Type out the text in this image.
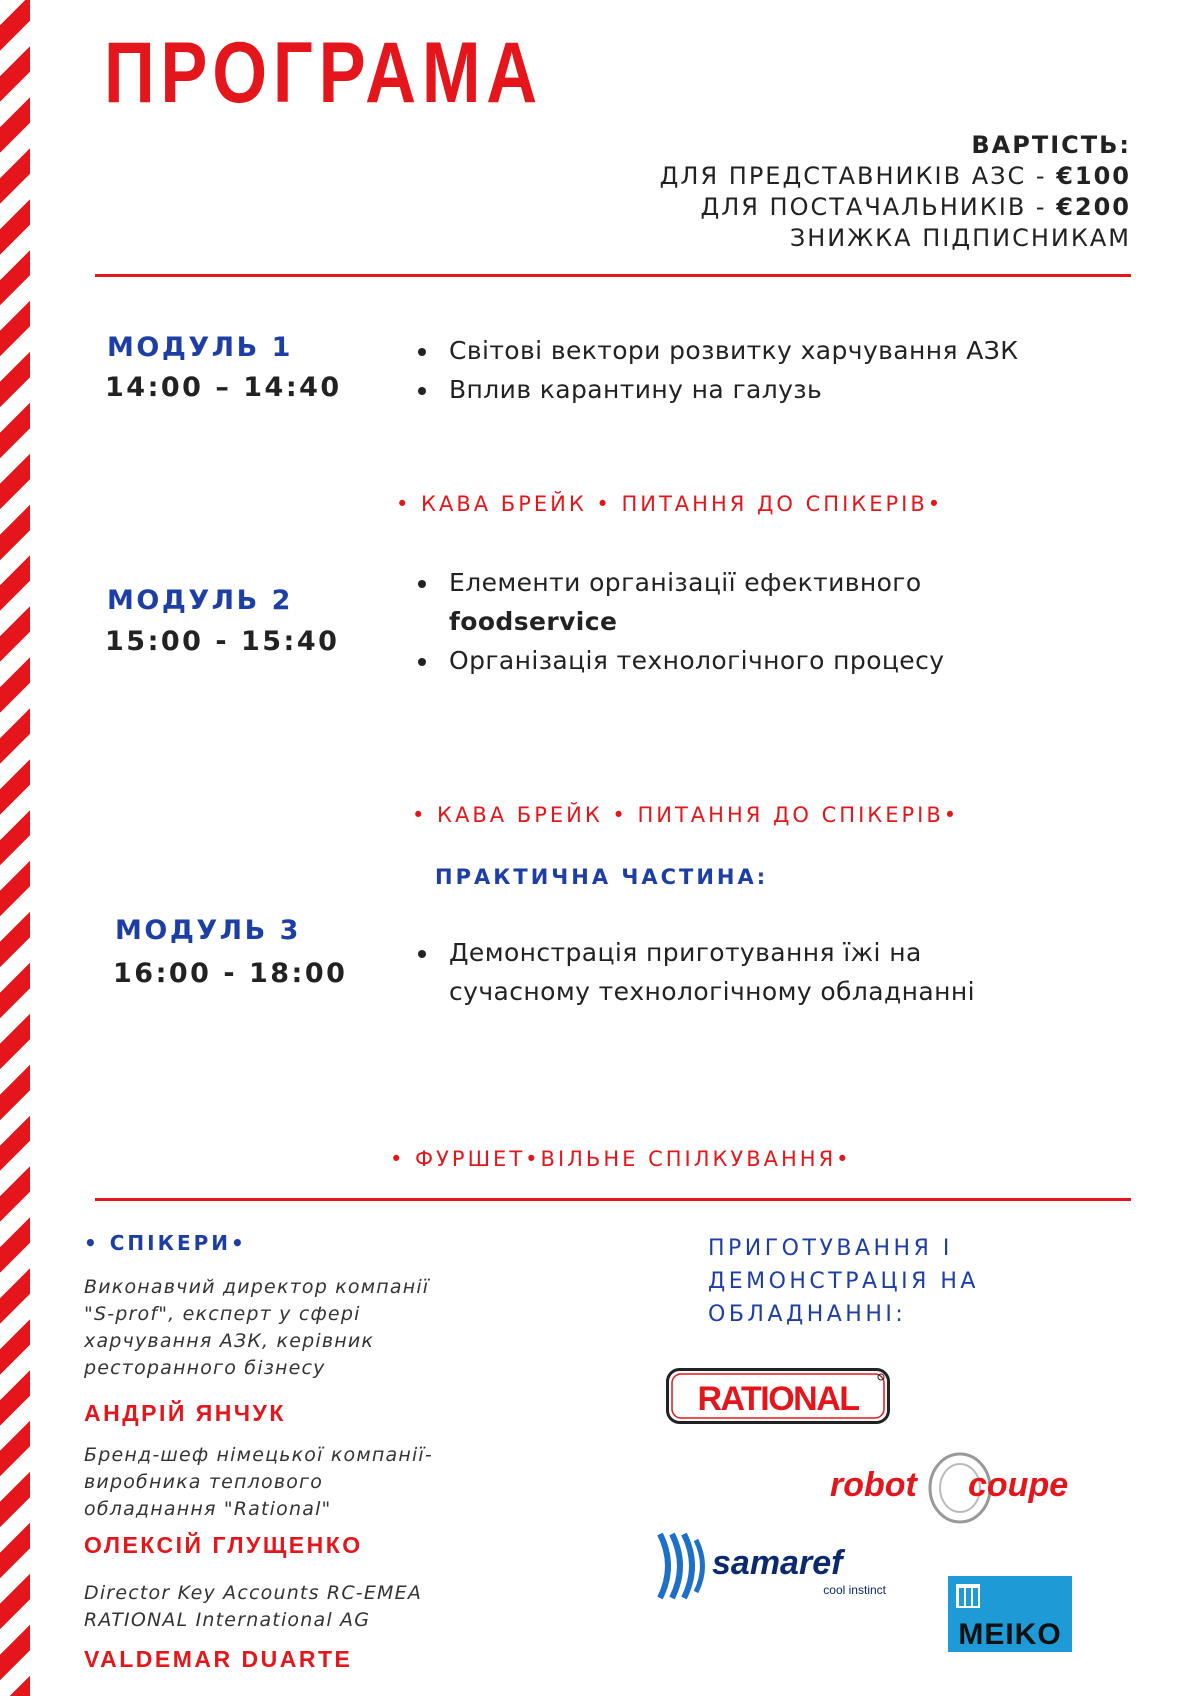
ПРОГРАМА
ВАРТІСТЬ:
ДЛЯ ПРЕДСТАВНИКІВ АЗС - €100
ДЛЯ ПОСТАЧАЛЬНИКІВ - €200
ЗНИЖКА ПІДПИСНИКАМ
МОДУЛЬ 1
14:00 – 14:40
Світові вектори розвитку харчування АЗК
Вплив карантину на галузь
• КАВА БРЕЙК • ПИТАННЯ ДО СПІКЕРІВ•
МОДУЛЬ 2
15:00 - 15:40
Елементи організації ефективного
foodservice
Організація технологічного процесу
• КАВА БРЕЙК • ПИТАННЯ ДО СПІКЕРІВ•
ПРАКТИЧНА ЧАСТИНА:
МОДУЛЬ 3
16:00 - 18:00
Демонстрація приготування їжі на
сучасному технологічному обладнанні
• ФУРШЕТ•ВІЛЬНЕ СПІЛКУВАННЯ•
• СПІКЕРИ•
Виконавчий директор компанії
"S-prof", експерт у сфері
харчування АЗК, керівник
ресторанного бізнесу
АНДРІЙ ЯНЧУК
Бренд-шеф німецької компанії-
виробника теплового
обладнання "Rational"
ОЛЕКСІЙ ГЛУЩЕНКО
Director Key Accounts RC-EMEA
RATIONAL International AG
VALDEMAR DUARTE
ПРИГОТУВАННЯ І
ДЕМОНСТРАЦІЯ НА
ОБЛАДНАННІ:
RATIONAL
robot coupe
samaref
cool instinct
MEIKO
